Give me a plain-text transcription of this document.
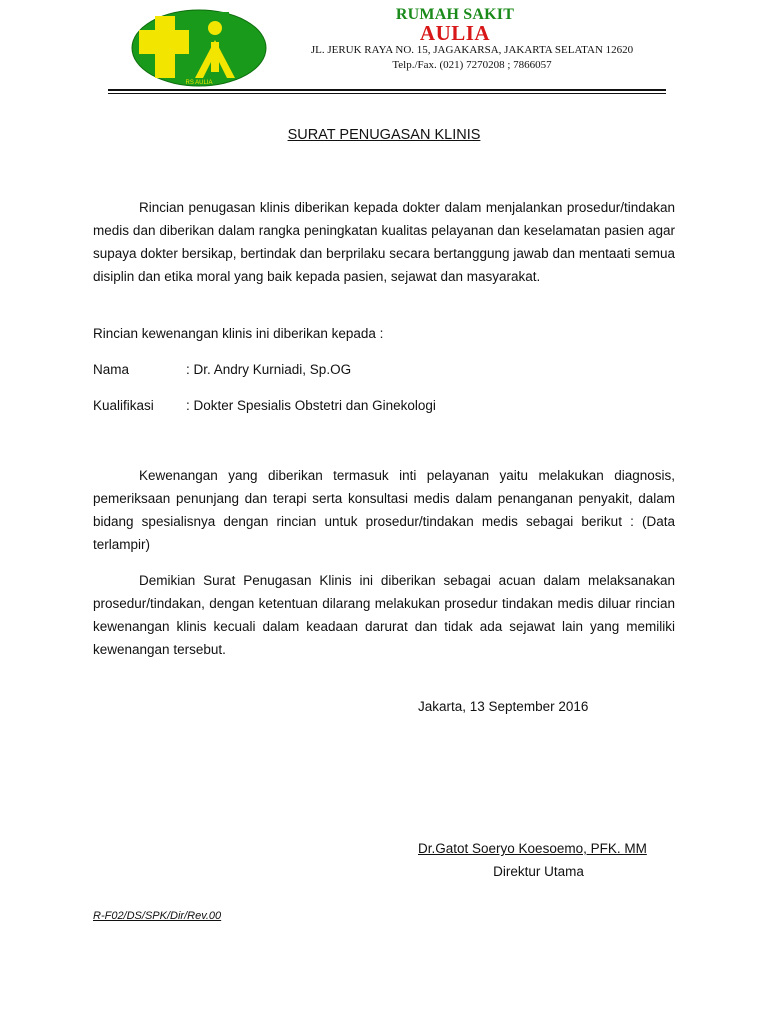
RS AULIA
RUMAH SAKIT
AULIA
JL. JERUK RAYA NO. 15, JAGAKARSA, JAKARTA SELATAN 12620
Telp./Fax. (021) 7270208 ; 7866057
SURAT PENUGASAN KLINIS
Rincian penugasan klinis diberikan kepada dokter dalam menjalankan prosedur/tindakan medis dan diberikan dalam rangka peningkatan kualitas pelayanan dan keselamatan pasien agar supaya dokter bersikap, bertindak dan berprilaku secara bertanggung jawab dan mentaati semua disiplin dan etika moral yang baik kepada pasien, sejawat dan masyarakat.
Rincian kewenangan klinis ini diberikan kepada :
Nama	: Dr. Andry Kurniadi, Sp.OG
Kualifikasi : Dokter Spesialis Obstetri dan Ginekologi
Kewenangan yang diberikan termasuk inti pelayanan yaitu melakukan diagnosis, pemeriksaan penunjang dan terapi serta konsultasi medis dalam penanganan penyakit, dalam bidang spesialisnya dengan rincian untuk prosedur/tindakan medis sebagai berikut : (Data terlampir)
Demikian Surat Penugasan Klinis ini diberikan sebagai acuan dalam melaksanakan prosedur/tindakan, dengan ketentuan dilarang melakukan prosedur tindakan medis diluar rincian kewenangan klinis kecuali dalam keadaan darurat dan tidak ada sejawat lain yang memiliki kewenangan tersebut.
Jakarta, 13 September 2016
Dr.Gatot Soeryo Koesoemo, PFK. MM
Direktur Utama
R-F02/DS/SPK/Dir/Rev.00
